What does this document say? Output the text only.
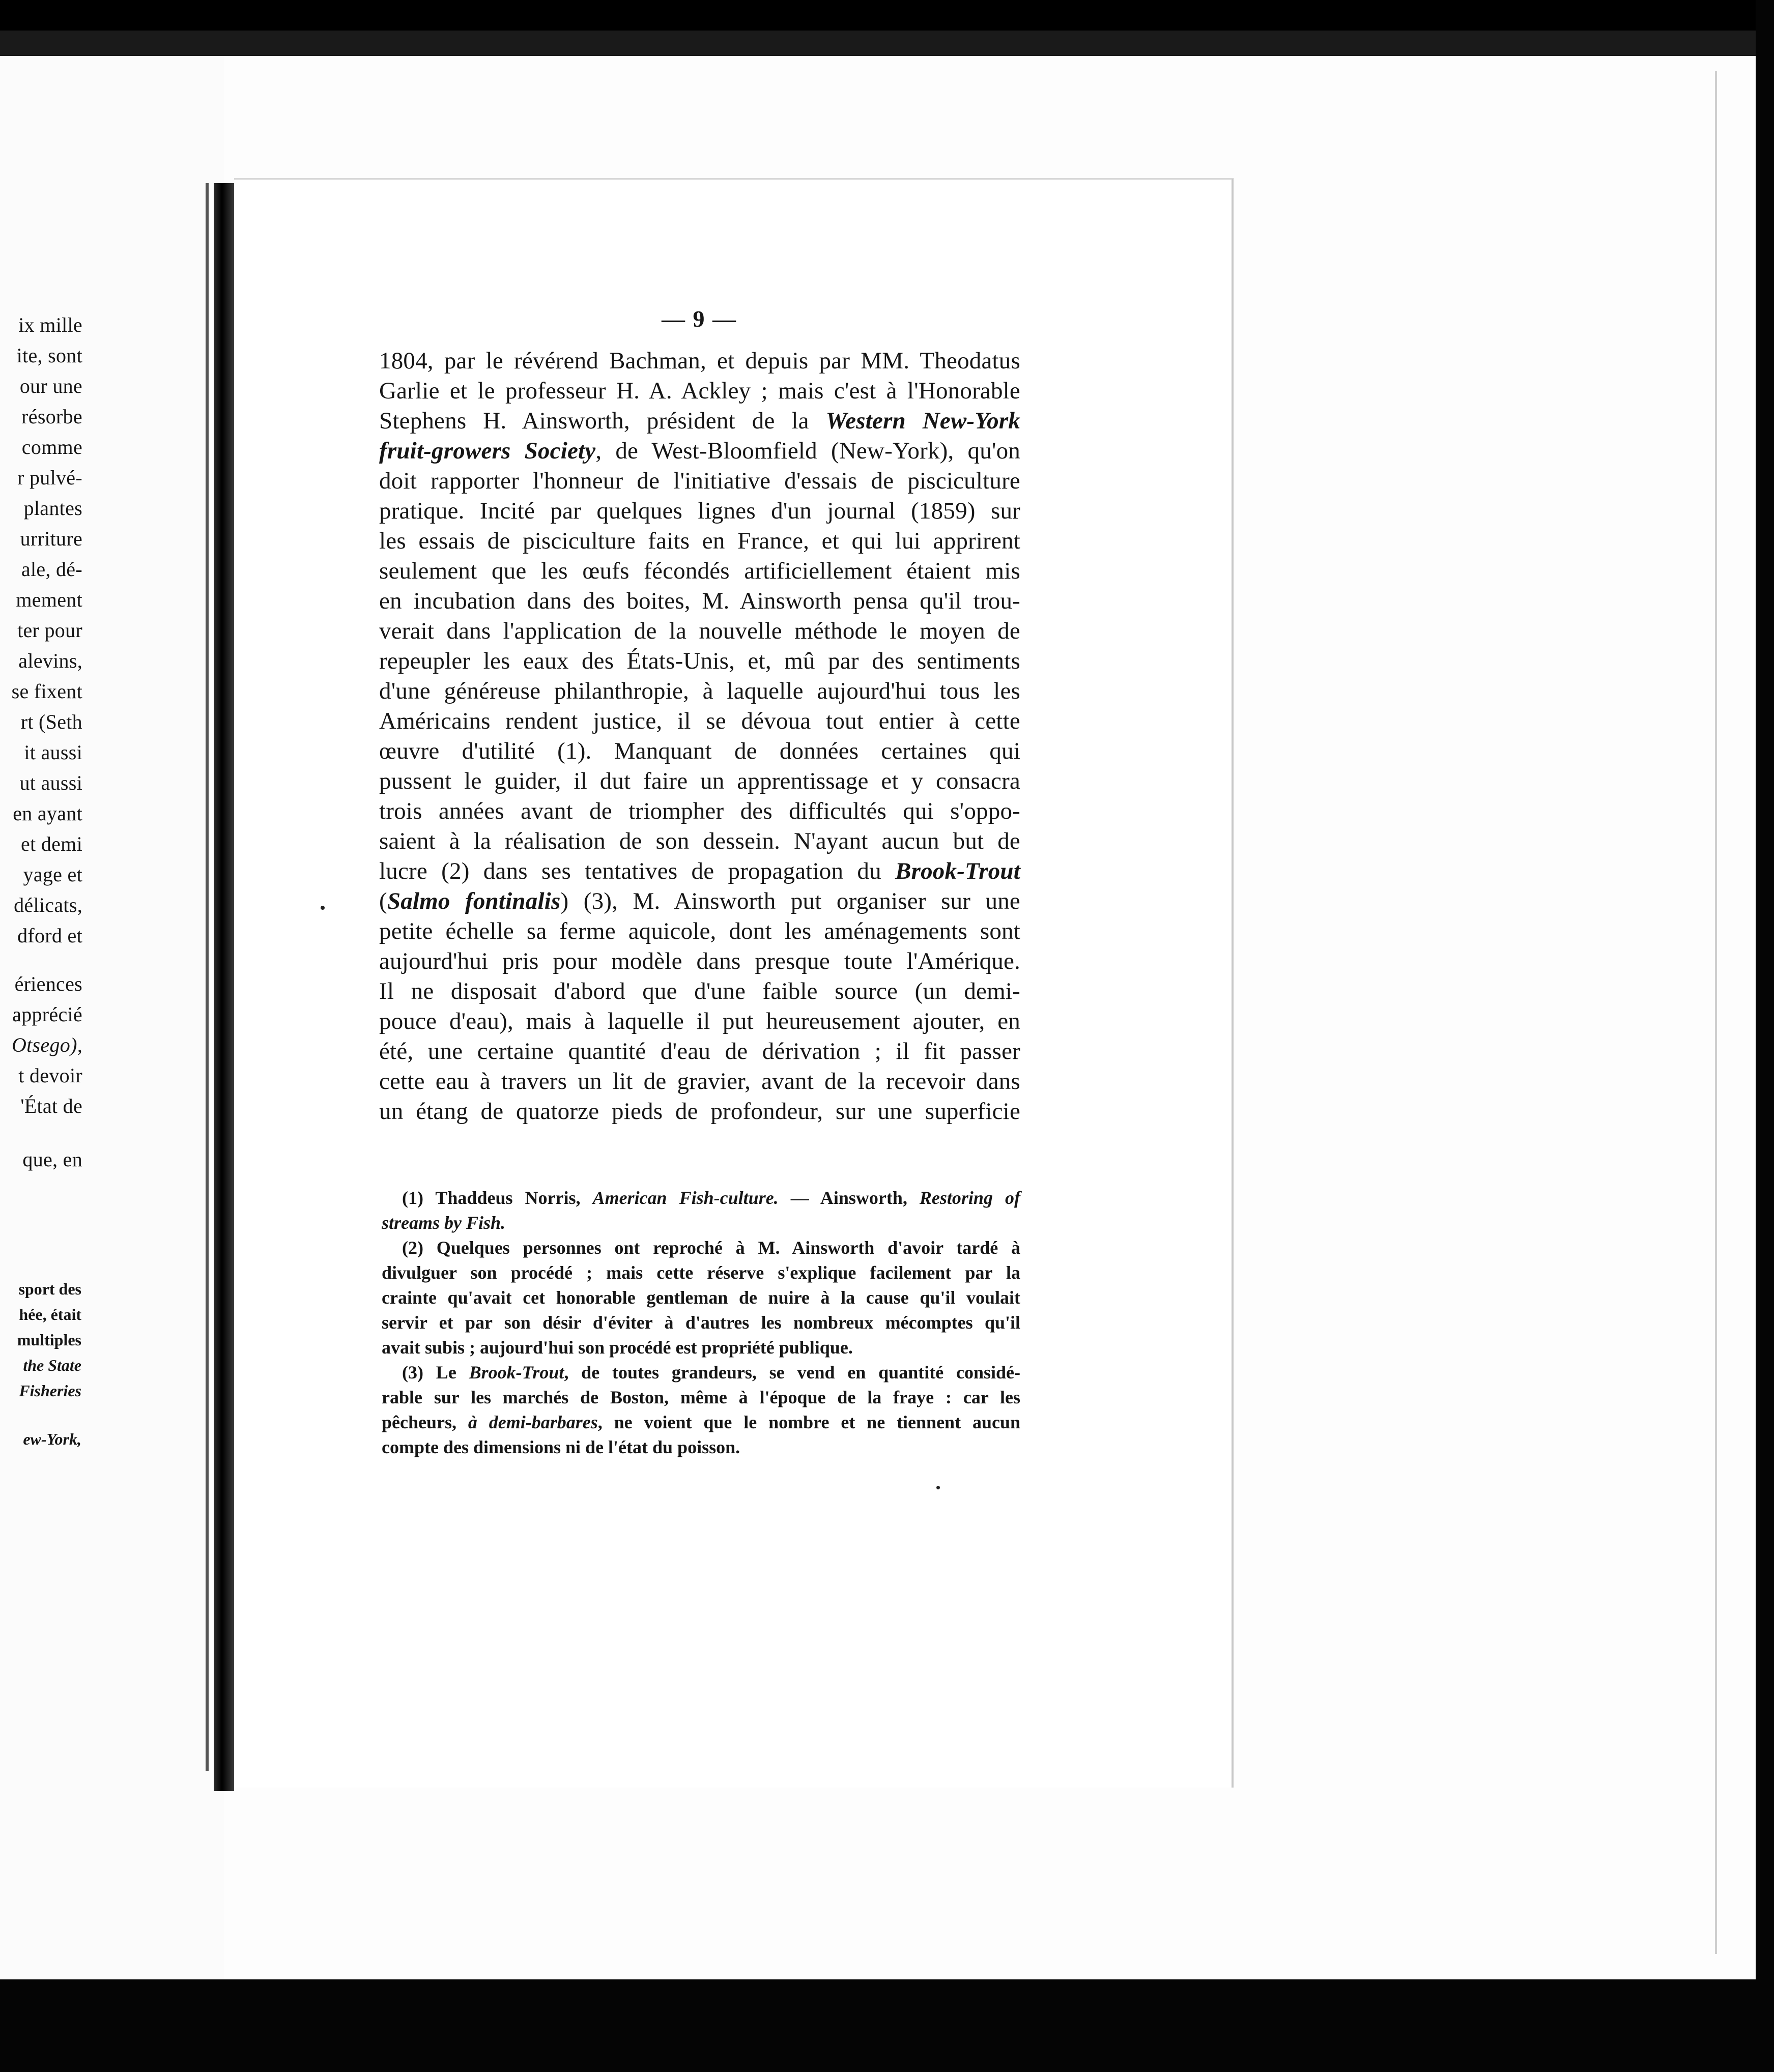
ix mille
ite, sont
our une
résorbe
comme
r pulvé-
plantes
urriture
ale, dé-
mement
ter pour
alevins,
se fixent
rt (Seth
it aussi
ut aussi
en ayant
et demi
yage et
délicats,
dford et
ériences
apprécié
Otsego),
t devoir
'État de
que, en
sport des
hée, était
multiples
the State
Fisheries
ew-York,
— 9 —
1804, par le révérend Bachman, et depuis par MM. Theodatus
Garlie et le professeur H. A. Ackley ; mais c'est à l'Honorable
Stephens H. Ainsworth, président de la Western New-York
fruit-growers Society, de West-Bloomfield (New-York), qu'on
doit rapporter l'honneur de l'initiative d'essais de pisciculture
pratique. Incité par quelques lignes d'un journal (1859) sur
les essais de pisciculture faits en France, et qui lui apprirent
seulement que les œufs fécondés artificiellement étaient mis
en incubation dans des boites, M. Ainsworth pensa qu'il trou-
verait dans l'application de la nouvelle méthode le moyen de
repeupler les eaux des États-Unis, et, mû par des sentiments
d'une généreuse philanthropie, à laquelle aujourd'hui tous les
Américains rendent justice, il se dévoua tout entier à cette
œuvre d'utilité (1). Manquant de données certaines qui
pussent le guider, il dut faire un apprentissage et y consacra
trois années avant de triompher des difficultés qui s'oppo-
saient à la réalisation de son dessein. N'ayant aucun but de
lucre (2) dans ses tentatives de propagation du Brook-Trout
(Salmo fontinalis) (3), M. Ainsworth put organiser sur une
petite échelle sa ferme aquicole, dont les aménagements sont
aujourd'hui pris pour modèle dans presque toute l'Amérique.
Il ne disposait d'abord que d'une faible source (un demi-
pouce d'eau), mais à laquelle il put heureusement ajouter, en
été, une certaine quantité d'eau de dérivation ; il fit passer
cette eau à travers un lit de gravier, avant de la recevoir dans
un étang de quatorze pieds de profondeur, sur une superficie
(1) Thaddeus Norris, American Fish-culture. — Ainsworth, Restoring of
streams by Fish.
(2) Quelques personnes ont reproché à M. Ainsworth d'avoir tardé à
divulguer son procédé ; mais cette réserve s'explique facilement par la
crainte qu'avait cet honorable gentleman de nuire à la cause qu'il voulait
servir et par son désir d'éviter à d'autres les nombreux mécomptes qu'il
avait subis ; aujourd'hui son procédé est propriété publique.
(3) Le Brook-Trout, de toutes grandeurs, se vend en quantité considé-
rable sur les marchés de Boston, même à l'époque de la fraye : car les
pêcheurs, à demi-barbares, ne voient que le nombre et ne tiennent aucun
compte des dimensions ni de l'état du poisson.
